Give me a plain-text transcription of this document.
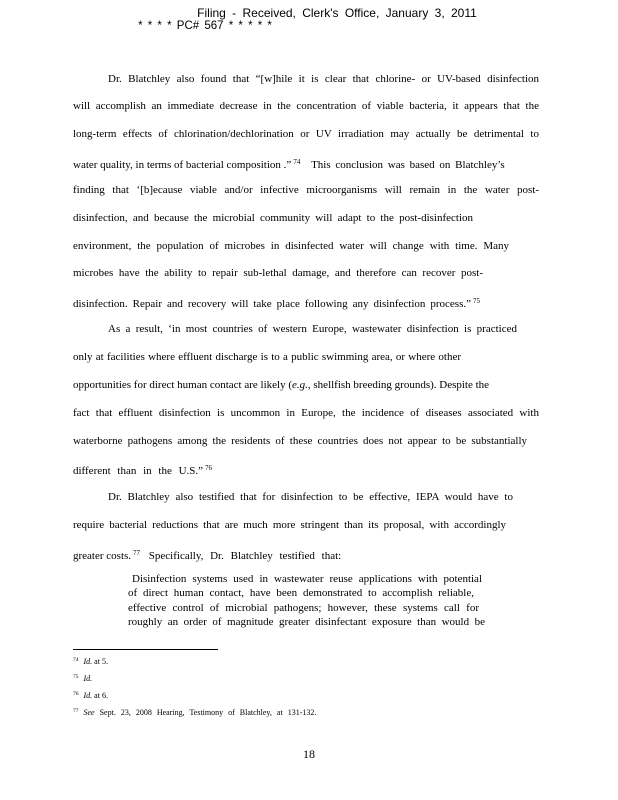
Filing - Received, Clerk's Office, January 3, 2011
* * * * PC# 567 * * * * *
Dr. Blatchley also found that “[w]hile it is clear that chlorine- or UV-based disinfection
will accomplish an immediate decrease in the concentration of viable bacteria, it appears that the
long-term effects of chlorination/dechlorination or UV irradiation may actually be detrimental to
water quality, in terms of bacterial composition .” $^{74}$ This conclusion was based on Blatchley’s
finding that ‘[b]ecause viable and/or infective microorganisms will remain in the water post-
disinfection, and because the microbial community will adapt to the post-disinfection
environment, the population of microbes in disinfected water will change with time. Many
microbes have the ability to repair sub-lethal damage, and therefore can recover post-
disinfection. Repair and recovery will take place following any disinfection process.” $^{75}$
As a result, ‘in most countries of western Europe, wastewater disinfection is practiced
only at facilities where effluent discharge is to a public swimming area, or where other
opportunities for direct human contact are likely (e.g., shellfish breeding grounds). Despite the
fact that effluent disinfection is uncommon in Europe, the incidence of diseases associated with
waterborne pathogens among the residents of these countries does not appear to be substantially
different than in the U.S.” $^{76}$
Dr. Blatchley also testified that for disinfection to be effective, IEPA would have to
require bacterial reductions that are much more stringent than its proposal, with accordingly
greater costs. $^{77}$ Specifically, Dr. Blatchley testified that:
Disinfection systems used in wastewater reuse applications with potential
of direct human contact, have been demonstrated to accomplish reliable,
effective control of microbial pathogens; however, these systems call for
roughly an order of magnitude greater disinfectant exposure than would be
$^{74}$ Id. at 5.
$^{75}$ Id.
$^{76}$ Id. at 6.
$^{77}$ See Sept. 23, 2008 Hearing, Testimony of Blatchley, at 131-132.
18
